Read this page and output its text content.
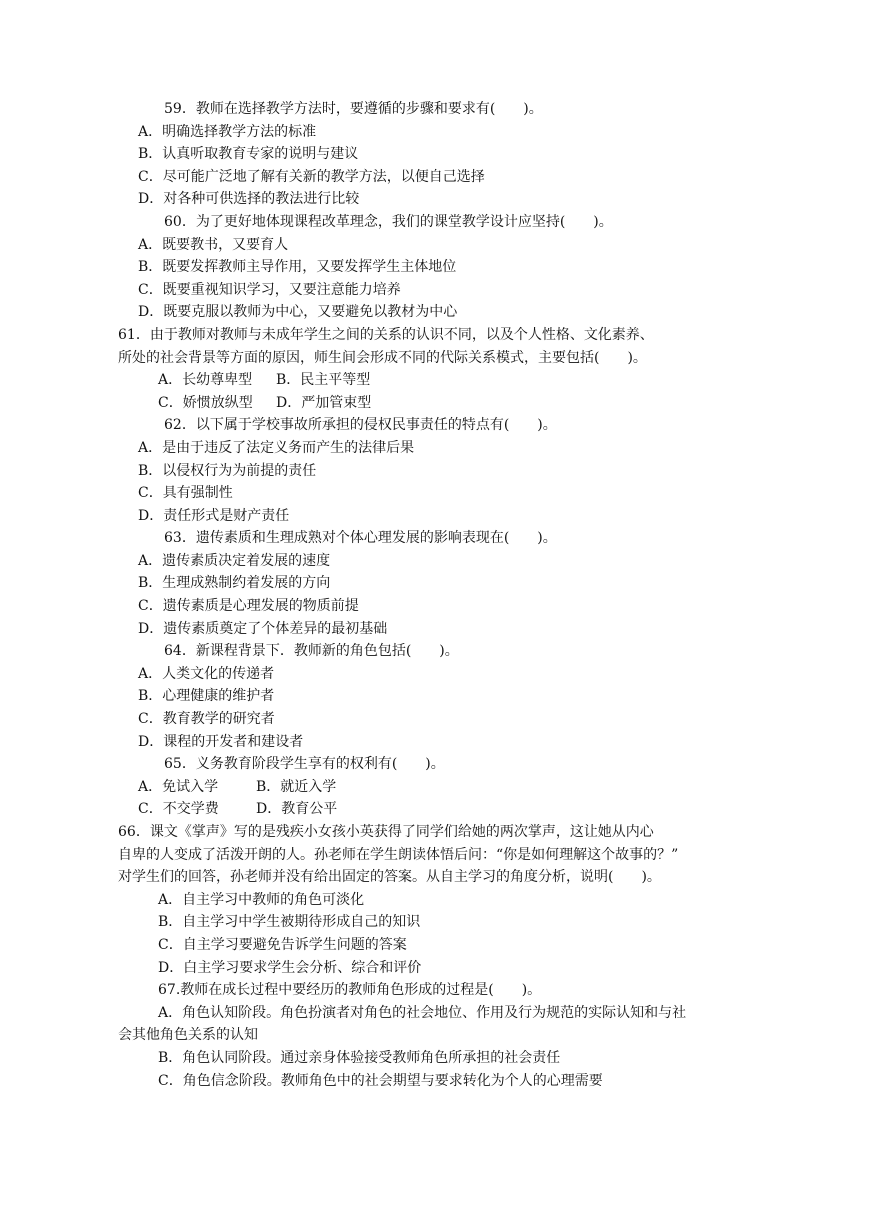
59．教师在选择教学方法时，要遵循的步骤和要求有(　　)。
A．明确选择教学方法的标准
B．认真听取教育专家的说明与建议
C．尽可能广泛地了解有关新的教学方法，以便自己选择
D．对各种可供选择的教法进行比较
60．为了更好地体现课程改革理念，我们的课堂教学设计应坚持(　　)。
A．既要教书，又要育人
B．既要发挥教师主导作用，又要发挥学生主体地位
C．既要重视知识学习，又要注意能力培养
D．既要克服以教师为中心，又要避免以教材为中心
61．由于教师对教师与未成年学生之间的关系的认识不同，以及个人性格、文化素养、
所处的社会背景等方面的原因，师生间会形成不同的代际关系模式，主要包括(　　)。
A．长幼尊卑型 B．民主平等型
C．娇惯放纵型 D．严加管束型
62．以下属于学校事故所承担的侵权民事责任的特点有(　　)。
A．是由于违反了法定义务而产生的法律后果
B．以侵权行为为前提的责任
C．具有强制性
D．责任形式是财产责任
63．遗传素质和生理成熟对个体心理发展的影响表现在(　　)。
A．遗传素质决定着发展的速度
B．生理成熟制约着发展的方向
C．遗传素质是心理发展的物质前提
D．遗传素质奠定了个体差异的最初基础
64．新课程背景下．教师新的角色包括(　　)。
A．人类文化的传递者
B．心理健康的维护者
C．教育教学的研究者
D．课程的开发者和建设者
65．义务教育阶段学生享有的权利有(　　)。
A．免试入学	B．就近入学
C．不交学费	D．教育公平
66．课文《掌声》写的是残疾小女孩小英获得了同学们给她的两次掌声，这让她从内心
自卑的人变成了活泼开朗的人。孙老师在学生朗读体悟后问：“你是如何理解这个故事的？”
对学生们的回答，孙老师并没有给出固定的答案。从自主学习的角度分析，说明(　　)。
A．自主学习中教师的角色可淡化
B．自主学习中学生被期待形成自己的知识
C．自主学习要避免告诉学生问题的答案
D．白主学习要求学生会分析、综合和评价
67.教师在成长过程中要经历的教师角色形成的过程是(　　)。
A．角色认知阶段。角色扮演者对角色的社会地位、作用及行为规范的实际认知和与社
会其他角色关系的认知
B．角色认同阶段。通过亲身体验接受教师角色所承担的社会责任
C．角色信念阶段。教师角色中的社会期望与要求转化为个人的心理需要
